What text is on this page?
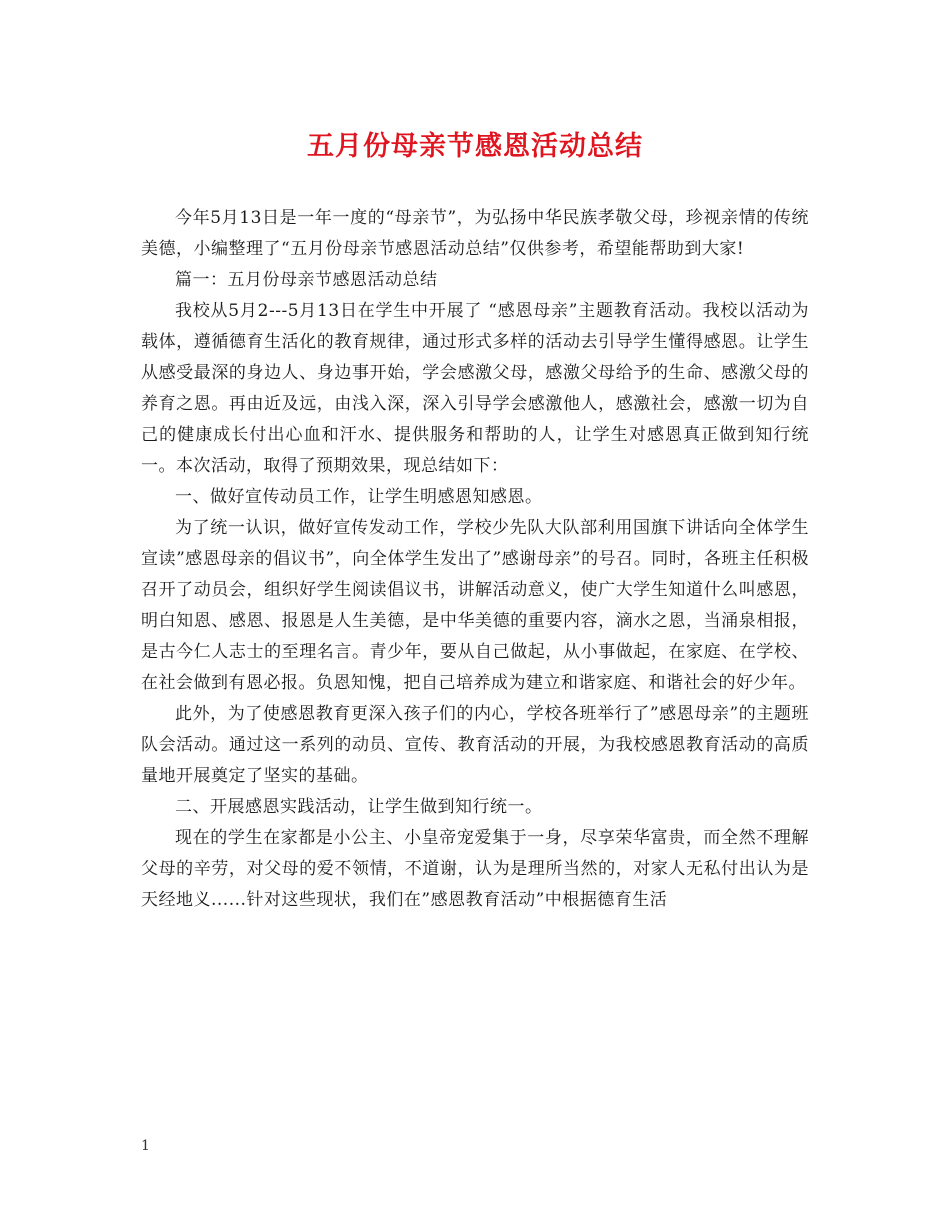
五月份母亲节感恩活动总结

今年5月13日是一年一度的“母亲节”，为弘扬中华民族孝敬父母，珍视亲情的传统美德，小编整理了“五月份母亲节感恩活动总结”仅供参考，希望能帮助到大家!

篇一：五月份母亲节感恩活动总结

我校从5月2---5月13日在学生中开展了 “感恩母亲”主题教育活动。我校以活动为载体，遵循德育生活化的教育规律，通过形式多样的活动去引导学生懂得感恩。让学生从感受最深的身边人、身边事开始，学会感激父母，感激父母给予的生命、感激父母的养育之恩。再由近及远，由浅入深，深入引导学会感激他人，感激社会，感激一切为自己的健康成长付出心血和汗水、提供服务和帮助的人，让学生对感恩真正做到知行统一。本次活动，取得了预期效果，现总结如下：

一、做好宣传动员工作，让学生明感恩知感恩。

为了统一认识，做好宣传发动工作，学校少先队大队部利用国旗下讲话向全体学生宣读”感恩母亲的倡议书”，向全体学生发出了”感谢母亲”的号召。同时，各班主任积极召开了动员会，组织好学生阅读倡议书，讲解活动意义，使广大学生知道什么叫感恩，明白知恩、感恩、报恩是人生美德，是中华美德的重要内容，滴水之恩，当涌泉相报，是古今仁人志士的至理名言。青少年，要从自己做起，从小事做起，在家庭、在学校、在社会做到有恩必报。负恩知愧，把自己培养成为建立和谐家庭、和谐社会的好少年。

此外，为了使感恩教育更深入孩子们的内心，学校各班举行了”感恩母亲”的主题班队会活动。通过这一系列的动员、宣传、教育活动的开展，为我校感恩教育活动的高质量地开展奠定了坚实的基础。

二、开展感恩实践活动，让学生做到知行统一。

现在的学生在家都是小公主、小皇帝宠爱集于一身，尽享荣华富贵，而全然不理解父母的辛劳，对父母的爱不领情，不道谢，认为是理所当然的，对家人无私付出认为是天经地义......针对这些现状，我们在”感恩教育活动”中根据德育生活

1
